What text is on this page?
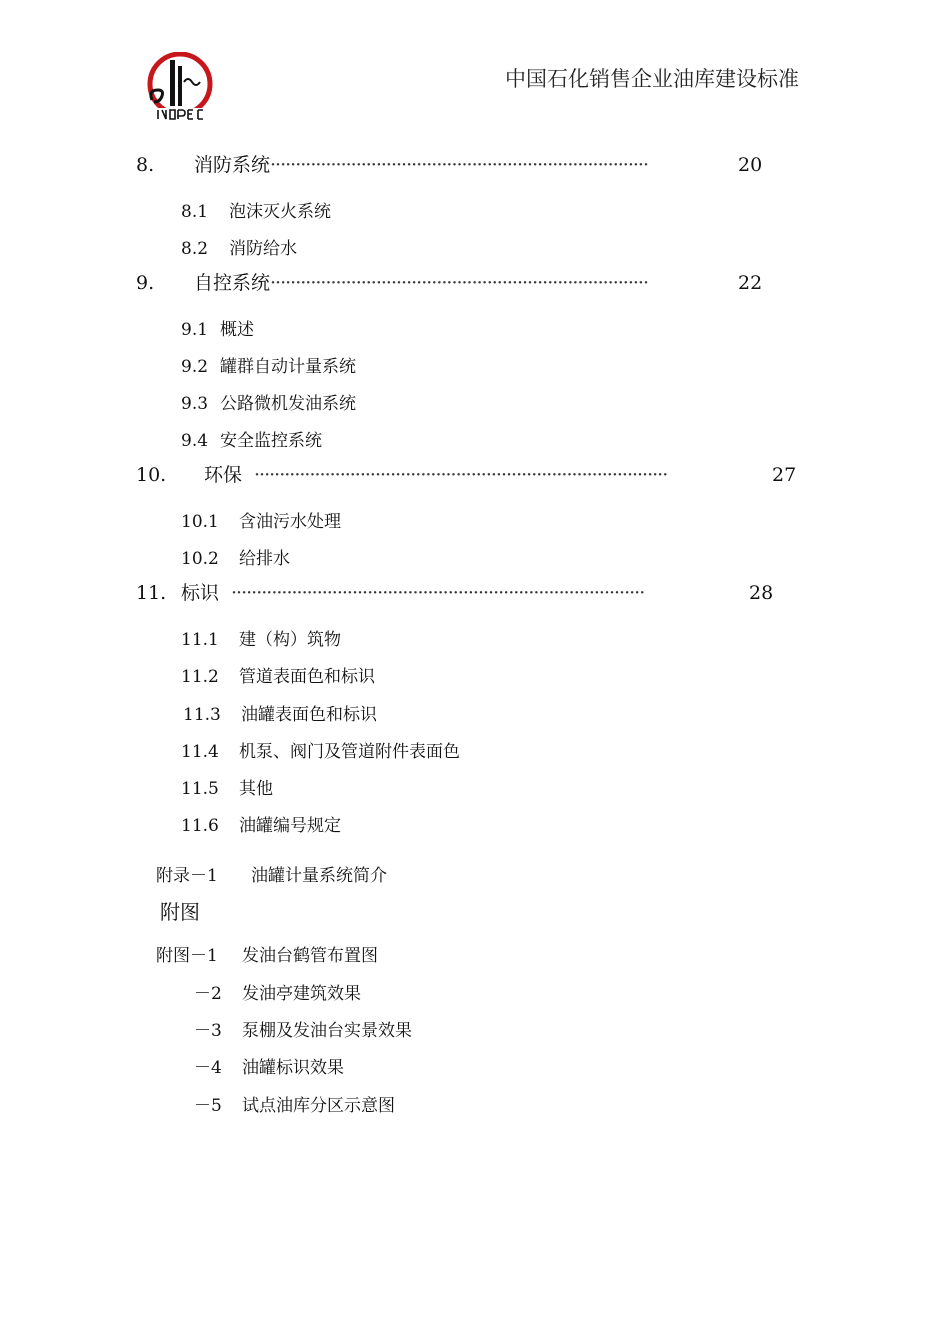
中国石化销售企业油库建设标准
8.	消防系统 ···········································································	20
8.1 泡沫灭火系统
8.2 消防给水
9.	自控系统 ···········································································	22
9.1 概述
9.2 罐群自动计量系统
9.3 公路微机发油系统
9.4 安全监控系统
10.	环保 ··················································································	27
10.1 含油污水处理
10.2 给排水
11. 标识 ··················································································	28
11.1 建（构）筑物
11.2 管道表面色和标识
11.3 油罐表面色和标识
11.4 机泵、阀门及管道附件表面色
11.5 其他
11.6 油罐编号规定
附录－1 油罐计量系统简介
附图
附图－1 发油台鹤管布置图
－2 发油亭建筑效果
－3 泵棚及发油台实景效果
－4 油罐标识效果
－5 试点油库分区示意图
